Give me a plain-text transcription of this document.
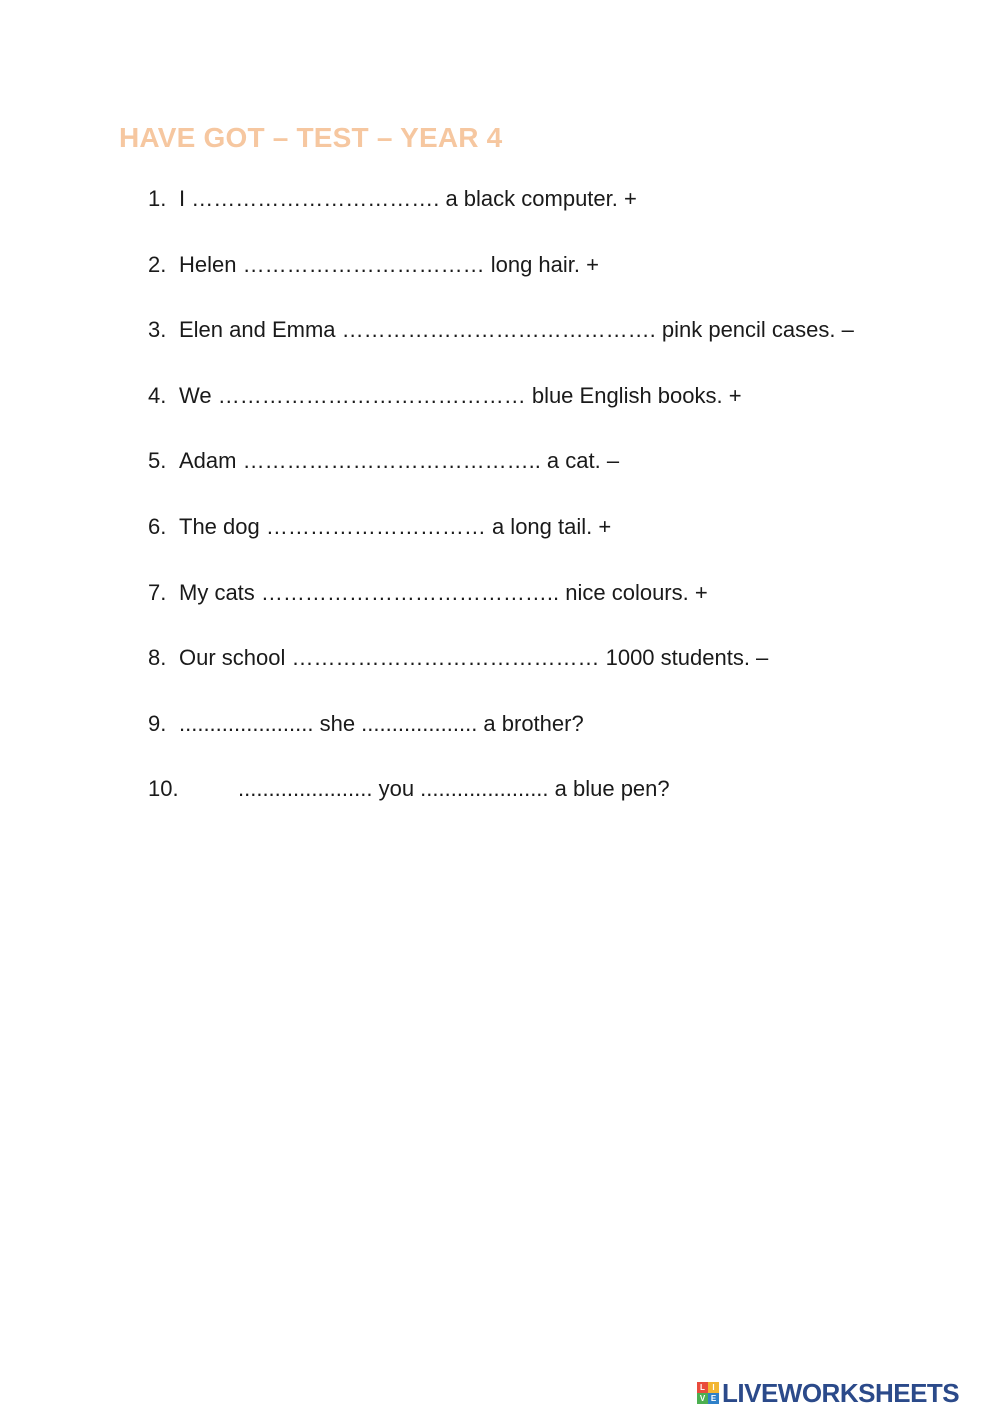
HAVE GOT – TEST – YEAR 4
1. I ……………………………. a black computer. +
2. Helen …………………………… long hair. +
3. Elen and Emma ……………………………………. pink pencil cases. –
4. We …………………………………… blue English books. +
5. Adam ………………………………….. a cat. –
6. The dog ………………………… a long tail. +
7. My cats ………………………………….. nice colours. +
8. Our school …………………………………… 1000 students. –
9. ...................... she ................... a brother?
10.	...................... you ..................... a blue pen?
L I
V E LIVEWORKSHEETS
